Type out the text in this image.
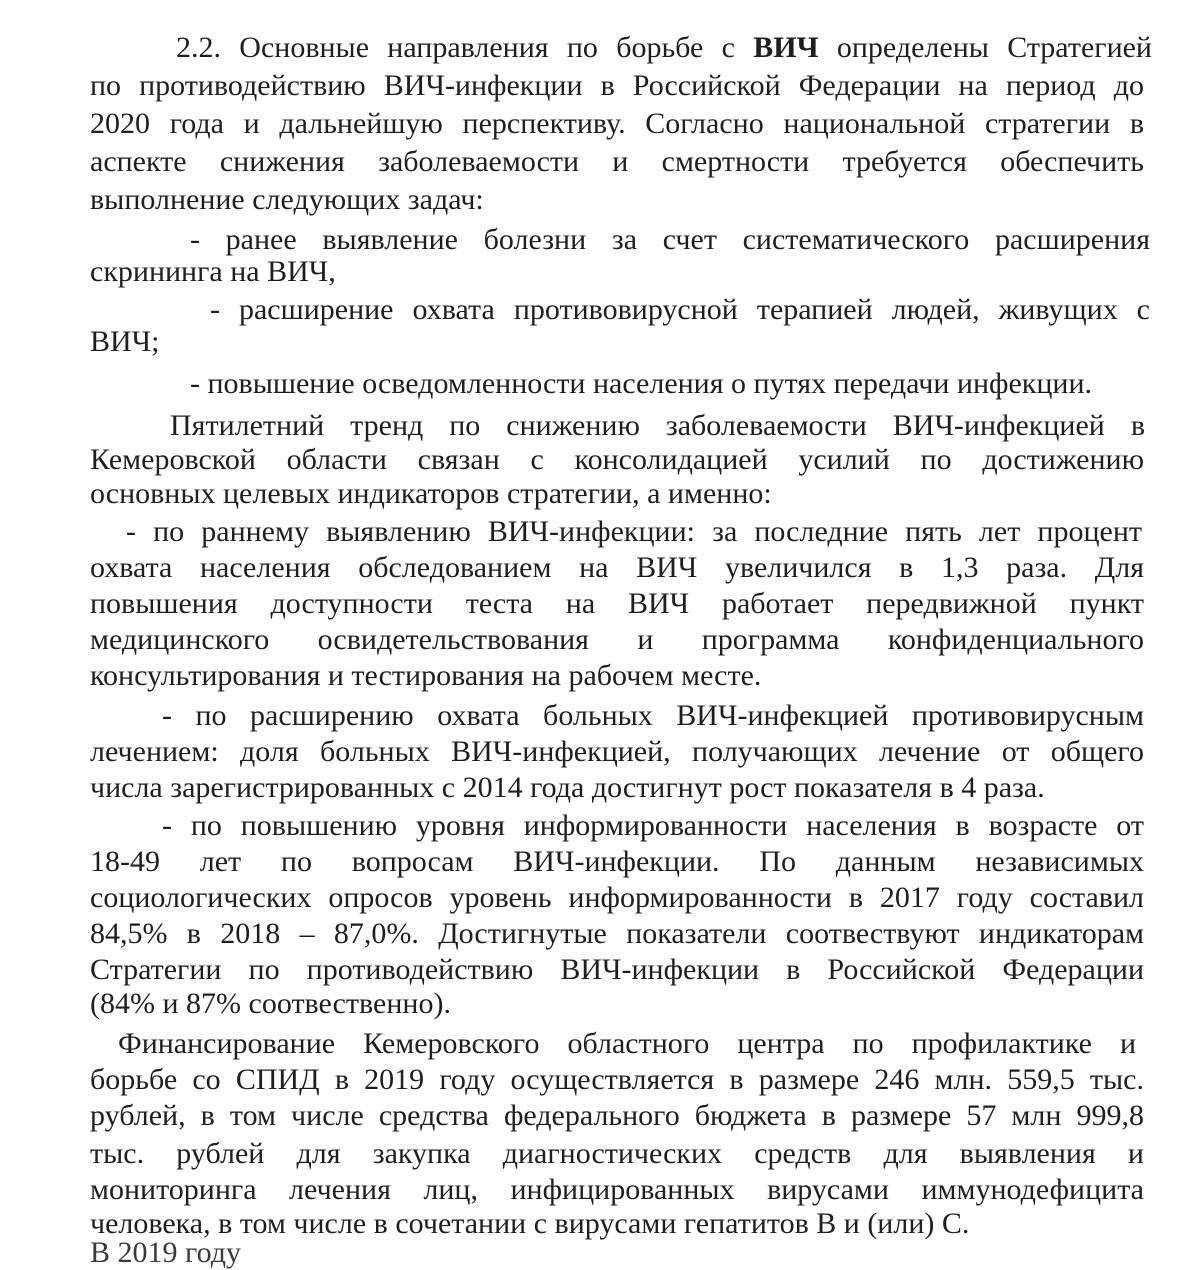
2.2. Основные направления по борьбе с ВИЧ определены Стратегией
по противодействию ВИЧ-инфекции в Российской Федерации на период до
2020 года и дальнейшую перспективу. Согласно национальной стратегии в
аспекте снижения заболеваемости и смертности требуется обеспечить
выполнение следующих задач:
- ранее выявление болезни за счет систематического расширения
скрининга на ВИЧ,
- расширение охвата противовирусной терапией людей, живущих с
ВИЧ;
- повышение осведомленности населения о путях передачи инфекции.
Пятилетний тренд по снижению заболеваемости ВИЧ-инфекцией в
Кемеровской области связан с консолидацией усилий по достижению
основных целевых индикаторов стратегии, а именно:
- по раннему выявлению ВИЧ-инфекции: за последние пять лет процент
охвата населения обследованием на ВИЧ увеличился в 1,3 раза. Для
повышения доступности теста на ВИЧ работает передвижной пункт
медицинского освидетельствования и программа конфиденциального
консультирования и тестирования на рабочем месте.
- по расширению охвата больных ВИЧ-инфекцией противовирусным
лечением: доля больных ВИЧ-инфекцией, получающих лечение от общего
числа зарегистрированных с 2014 года достигнут рост показателя в 4 раза.
- по повышению уровня информированности населения в возрасте от
18-49 лет по вопросам ВИЧ-инфекции. По данным независимых
социологических опросов уровень информированности в 2017 году составил
84,5% в 2018 – 87,0%. Достигнутые показатели соотвествуют индикаторам
Стратегии по противодействию ВИЧ-инфекции в Российской Федерации
(84% и 87% соотвественно).
Финансирование Кемеровского областного центра по профилактике и
борьбе со СПИД в 2019 году осуществляется в размере 246 млн. 559,5 тыс.
рублей, в том числе средства федерального бюджета в размере 57 млн 999,8
тыс. рублей для закупка диагностических средств для выявления и
мониторинга лечения лиц, инфицированных вирусами иммунодефицита
человека, в том числе в сочетании с вирусами гепатитов В и (или) С.
В 2019 году
